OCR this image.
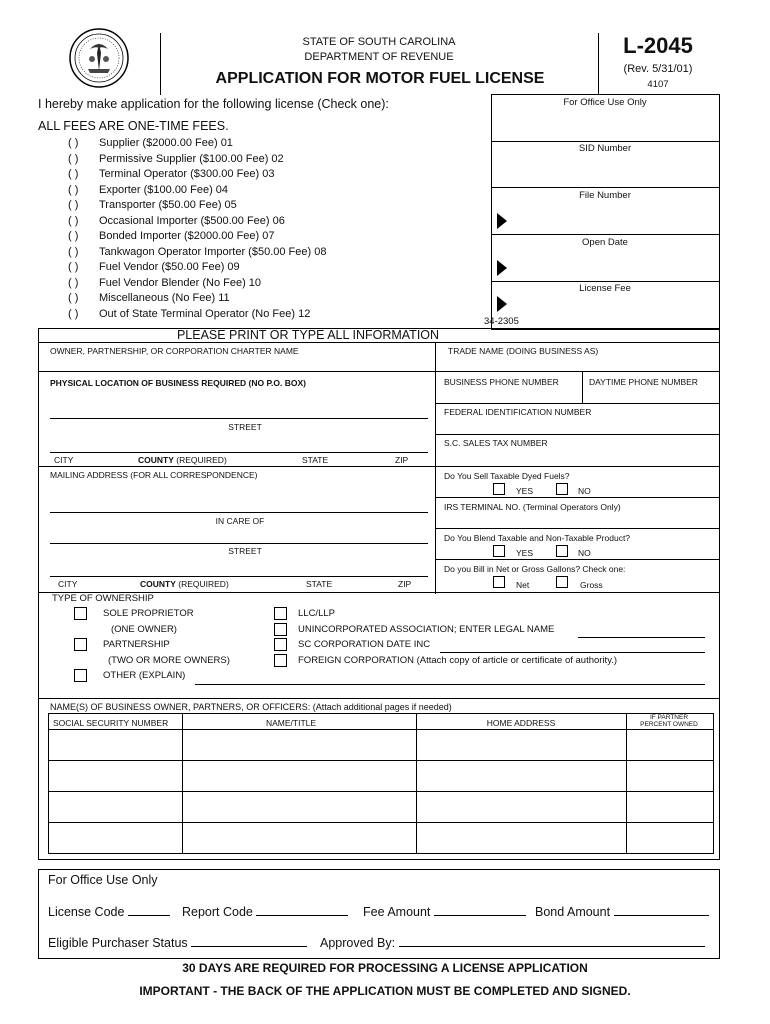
STATE OF SOUTH CAROLINA
DEPARTMENT OF REVENUE
APPLICATION FOR MOTOR FUEL LICENSE
L-2045
(Rev. 5/31/01)
4107
I hereby make application for the following license (Check one):
ALL FEES ARE ONE-TIME FEES.
( ) Supplier ($2000.00 Fee) 01
( ) Permissive Supplier ($100.00 Fee) 02
( ) Terminal Operator ($300.00 Fee) 03
( ) Exporter ($100.00 Fee) 04
( ) Transporter ($50.00 Fee) 05
( ) Occasional Importer ($500.00 Fee) 06
( ) Bonded Importer ($2000.00 Fee) 07
( ) Tankwagon Operator Importer ($50.00 Fee) 08
( ) Fuel Vendor ($50.00 Fee) 09
( ) Fuel Vendor Blender (No Fee) 10
( ) Miscellaneous (No Fee) 11
( ) Out of State Terminal Operator (No Fee) 12
For Office Use Only
SID Number
File Number
Open Date
License Fee
34-2305
PLEASE PRINT OR TYPE ALL INFORMATION
OWNER, PARTNERSHIP, OR CORPORATION CHARTER NAME	TRADE NAME (DOING BUSINESS AS)
PHYSICAL LOCATION OF BUSINESS REQUIRED (NO P.O. BOX)
STREET
CITY	COUNTY (REQUIRED)	STATE	ZIP
MAILING ADDRESS (FOR ALL CORRESPONDENCE)
IN CARE OF
STREET
CITY	COUNTY (REQUIRED)	STATE	ZIP
BUSINESS PHONE NUMBER	DAYTIME PHONE NUMBER
FEDERAL IDENTIFICATION NUMBER
S.C. SALES TAX NUMBER
Do You Sell Taxable Dyed Fuels?
YES	NO
IRS TERMINAL NO. (Terminal Operators Only)
Do You Blend Taxable and Non-Taxable Product?
YES	NO
Do you Bill in Net or Gross Gallons? Check one:
Net	Gross
TYPE OF OWNERSHIP
SOLE PROPRIETOR
(ONE OWNER)
PARTNERSHIP
(TWO OR MORE OWNERS)
OTHER (EXPLAIN)
LLC/LLP
UNINCORPORATED ASSOCIATION; ENTER LEGAL NAME
SC CORPORATION DATE INC
FOREIGN CORPORATION (Attach copy of article or certificate of authority.)
NAME(S) OF BUSINESS OWNER, PARTNERS, OR OFFICERS: (Attach additional pages if needed)
SOCIAL SECURITY NUMBER	NAME/TITLE	HOME ADDRESS
IF PARTNER
PERCENT OWNED
For Office Use Only
License Code	Report Code	Fee Amount	Bond Amount
Eligible Purchaser Status	Approved By:
30 DAYS ARE REQUIRED FOR PROCESSING A LICENSE APPLICATION
IMPORTANT - THE BACK OF THE APPLICATION MUST BE COMPLETED AND SIGNED.
